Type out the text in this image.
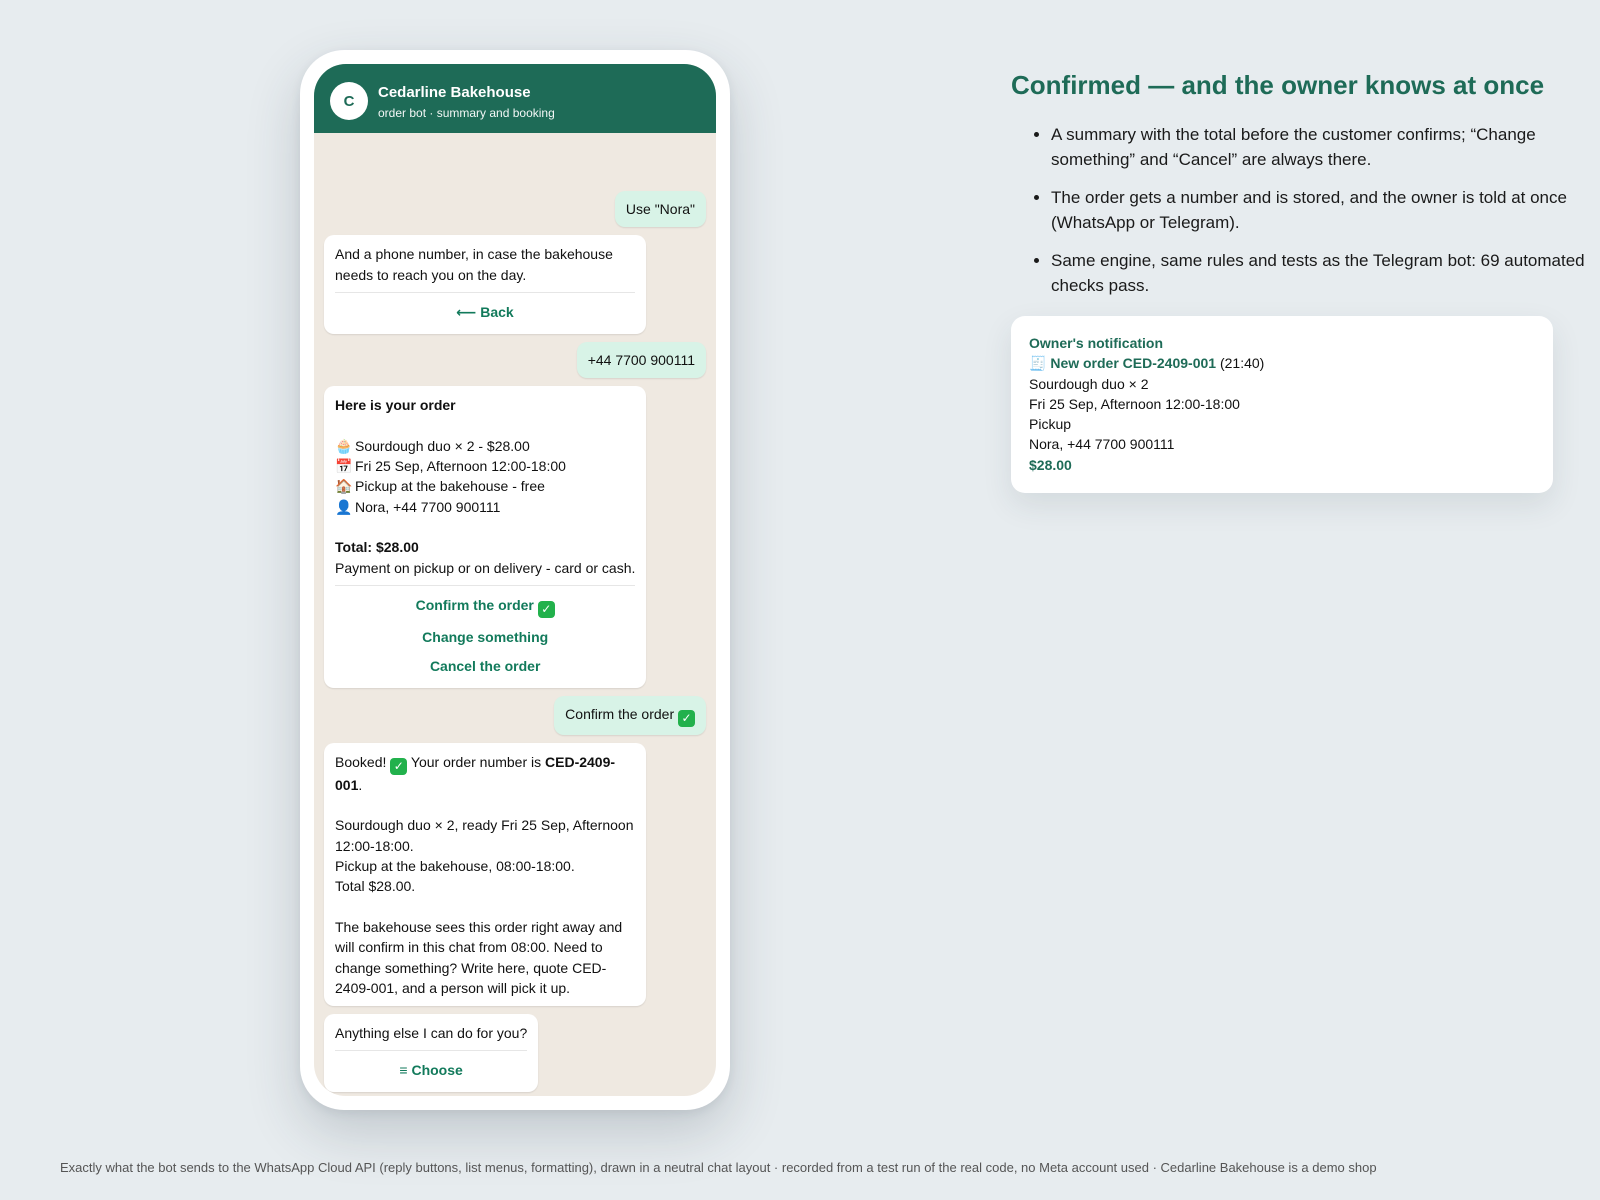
C	Cedarline Bakehouse
order bot · summary and booking
Use "Nora"
And a phone number, in case the bakehouse needs to reach you on the day.
⟵ Back
+44 7700 900111
Here is your order
🧁 Sourdough duo × 2 - $28.00
📅 Fri 25 Sep, Afternoon 12:00-18:00
🏠 Pickup at the bakehouse - free
👤 Nora, +44 7700 900111
Total: $28.00
Payment on pickup or on delivery - card or cash.
Confirm the order ✓
Change something
Cancel the order
Confirm the order ✓
Booked! ✓ Your order number is CED-2409-001.
Sourdough duo × 2, ready Fri 25 Sep, Afternoon 12:00-18:00.
Pickup at the bakehouse, 08:00-18:00.
Total $28.00.
The bakehouse sees this order right away and will confirm in this chat from 08:00. Need to change something? Write here, quote CED-2409-001, and a person will pick it up.
Anything else I can do for you?
≡ Choose
Confirmed — and the owner knows at once
• A summary with the total before the customer confirms; “Change something” and “Cancel” are always there.
• The order gets a number and is stored, and the owner is told at once (WhatsApp or Telegram).
• Same engine, same rules and tests as the Telegram bot: 69 automated checks pass.
Owner's notification
🧾 New order CED-2409-001 (21:40)
Sourdough duo × 2
Fri 25 Sep, Afternoon 12:00-18:00
Pickup
Nora, +44 7700 900111
$28.00
Exactly what the bot sends to the WhatsApp Cloud API (reply buttons, list menus, formatting), drawn in a neutral chat layout · recorded from a test run of the real code, no Meta account used · Cedarline Bakehouse is a demo shop
